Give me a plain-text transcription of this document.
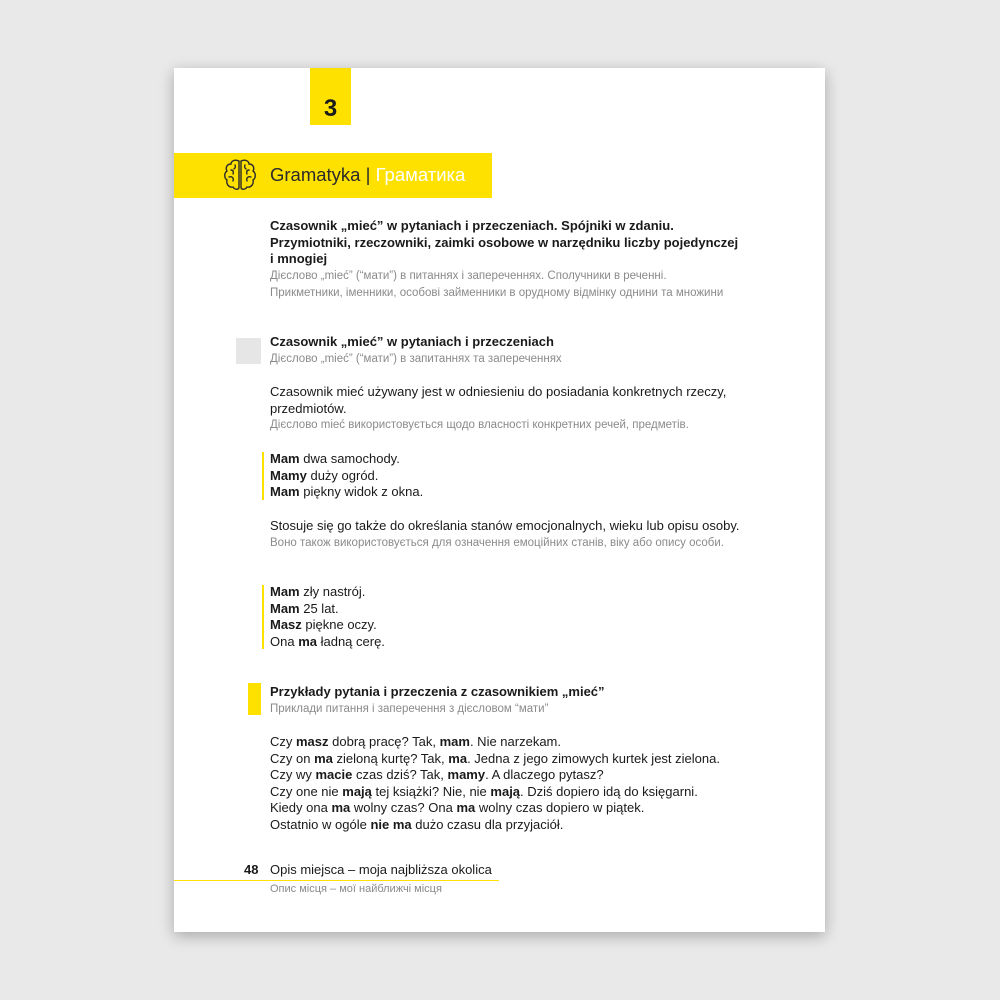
3
Gramatyka | Граматика
Czasownik „mieć” w pytaniach i przeczeniach. Spójniki w zdaniu. Przymiotniki, rzeczowniki, zaimki osobowe w narzędniku liczby pojedynczej i mnogiej
Дієслово „mieć” (“мати”) в питаннях і запереченнях. Сполучники в реченні. Прикметники, іменники, особові займенники в орудному відмінку однини та множини
Czasownik „mieć” w pytaniach i przeczeniach
Дієслово „mieć” (“мати”) в запитаннях та запереченнях
Czasownik mieć używany jest w odniesieniu do posiadania konkretnych rzeczy, przedmiotów.
Дієслово mieć використовується щодо власності конкретних речей, предметів.
Mam dwa samochody.
Mamy duży ogród.
Mam piękny widok z okna.
Stosuje się go także do określania stanów emocjonalnych, wieku lub opisu osoby.
Воно також використовується для означення емоційних станів, віку або опису особи.
Mam zły nastrój.
Mam 25 lat.
Masz piękne oczy.
Ona ma ładną cerę.
Przykłady pytania i przeczenia z czasownikiem „mieć”
Приклади питання і заперечення з дієсловом “мати”
Czy masz dobrą pracę? Tak, mam. Nie narzekam.
Czy on ma zieloną kurtę? Tak, ma. Jedna z jego zimowych kurtek jest zielona.
Czy wy macie czas dziś? Tak, mamy. A dlaczego pytasz?
Czy one nie mają tej książki? Nie, nie mają. Dziś dopiero idą do księgarni.
Kiedy ona ma wolny czas? Ona ma wolny czas dopiero w piątek.
Ostatnio w ogóle nie ma dużo czasu dla przyjaciół.
48 Opis miejsca – moja najbliższa okolica
Опис місця – мої найближчі місця
